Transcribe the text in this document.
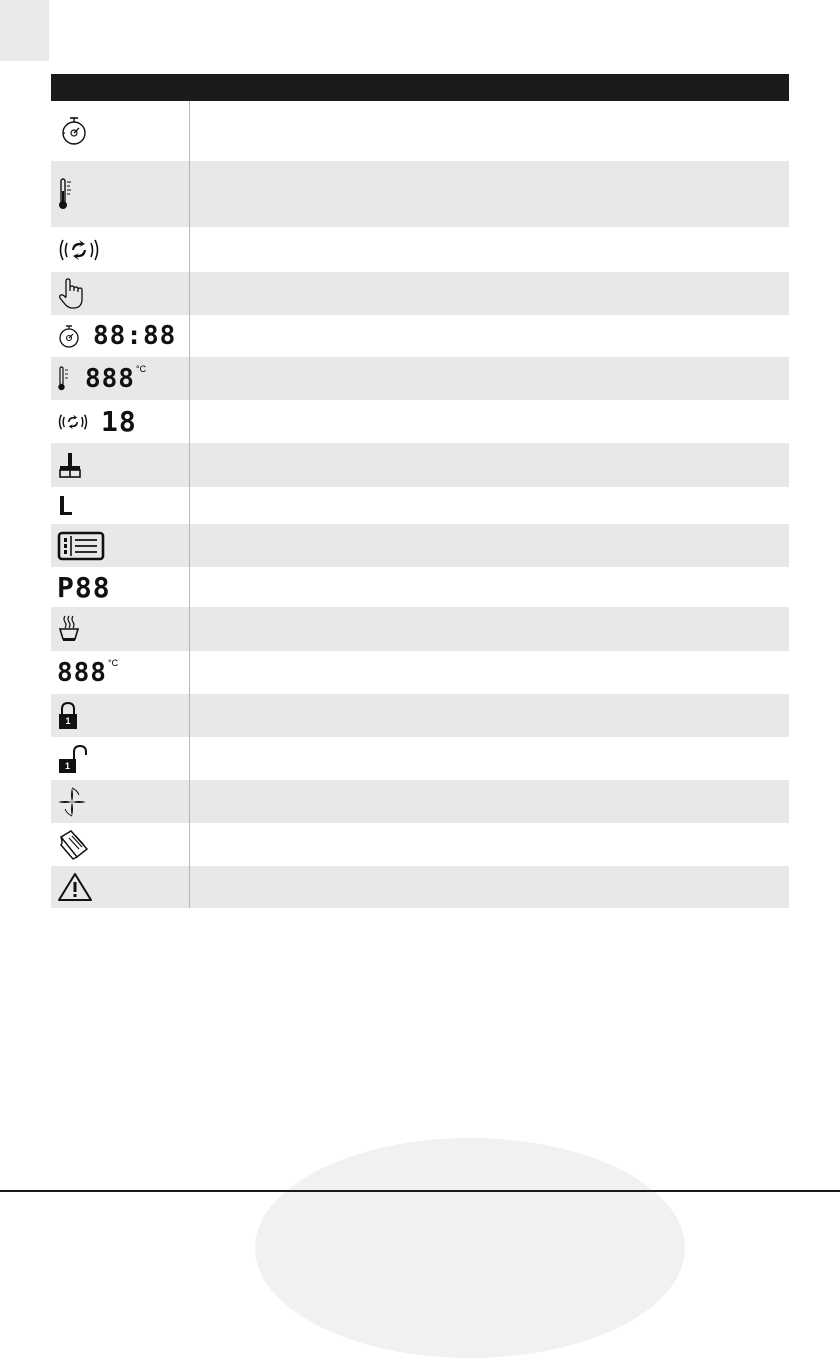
88:88
888 °C
18
P88
888 °C
1
1
